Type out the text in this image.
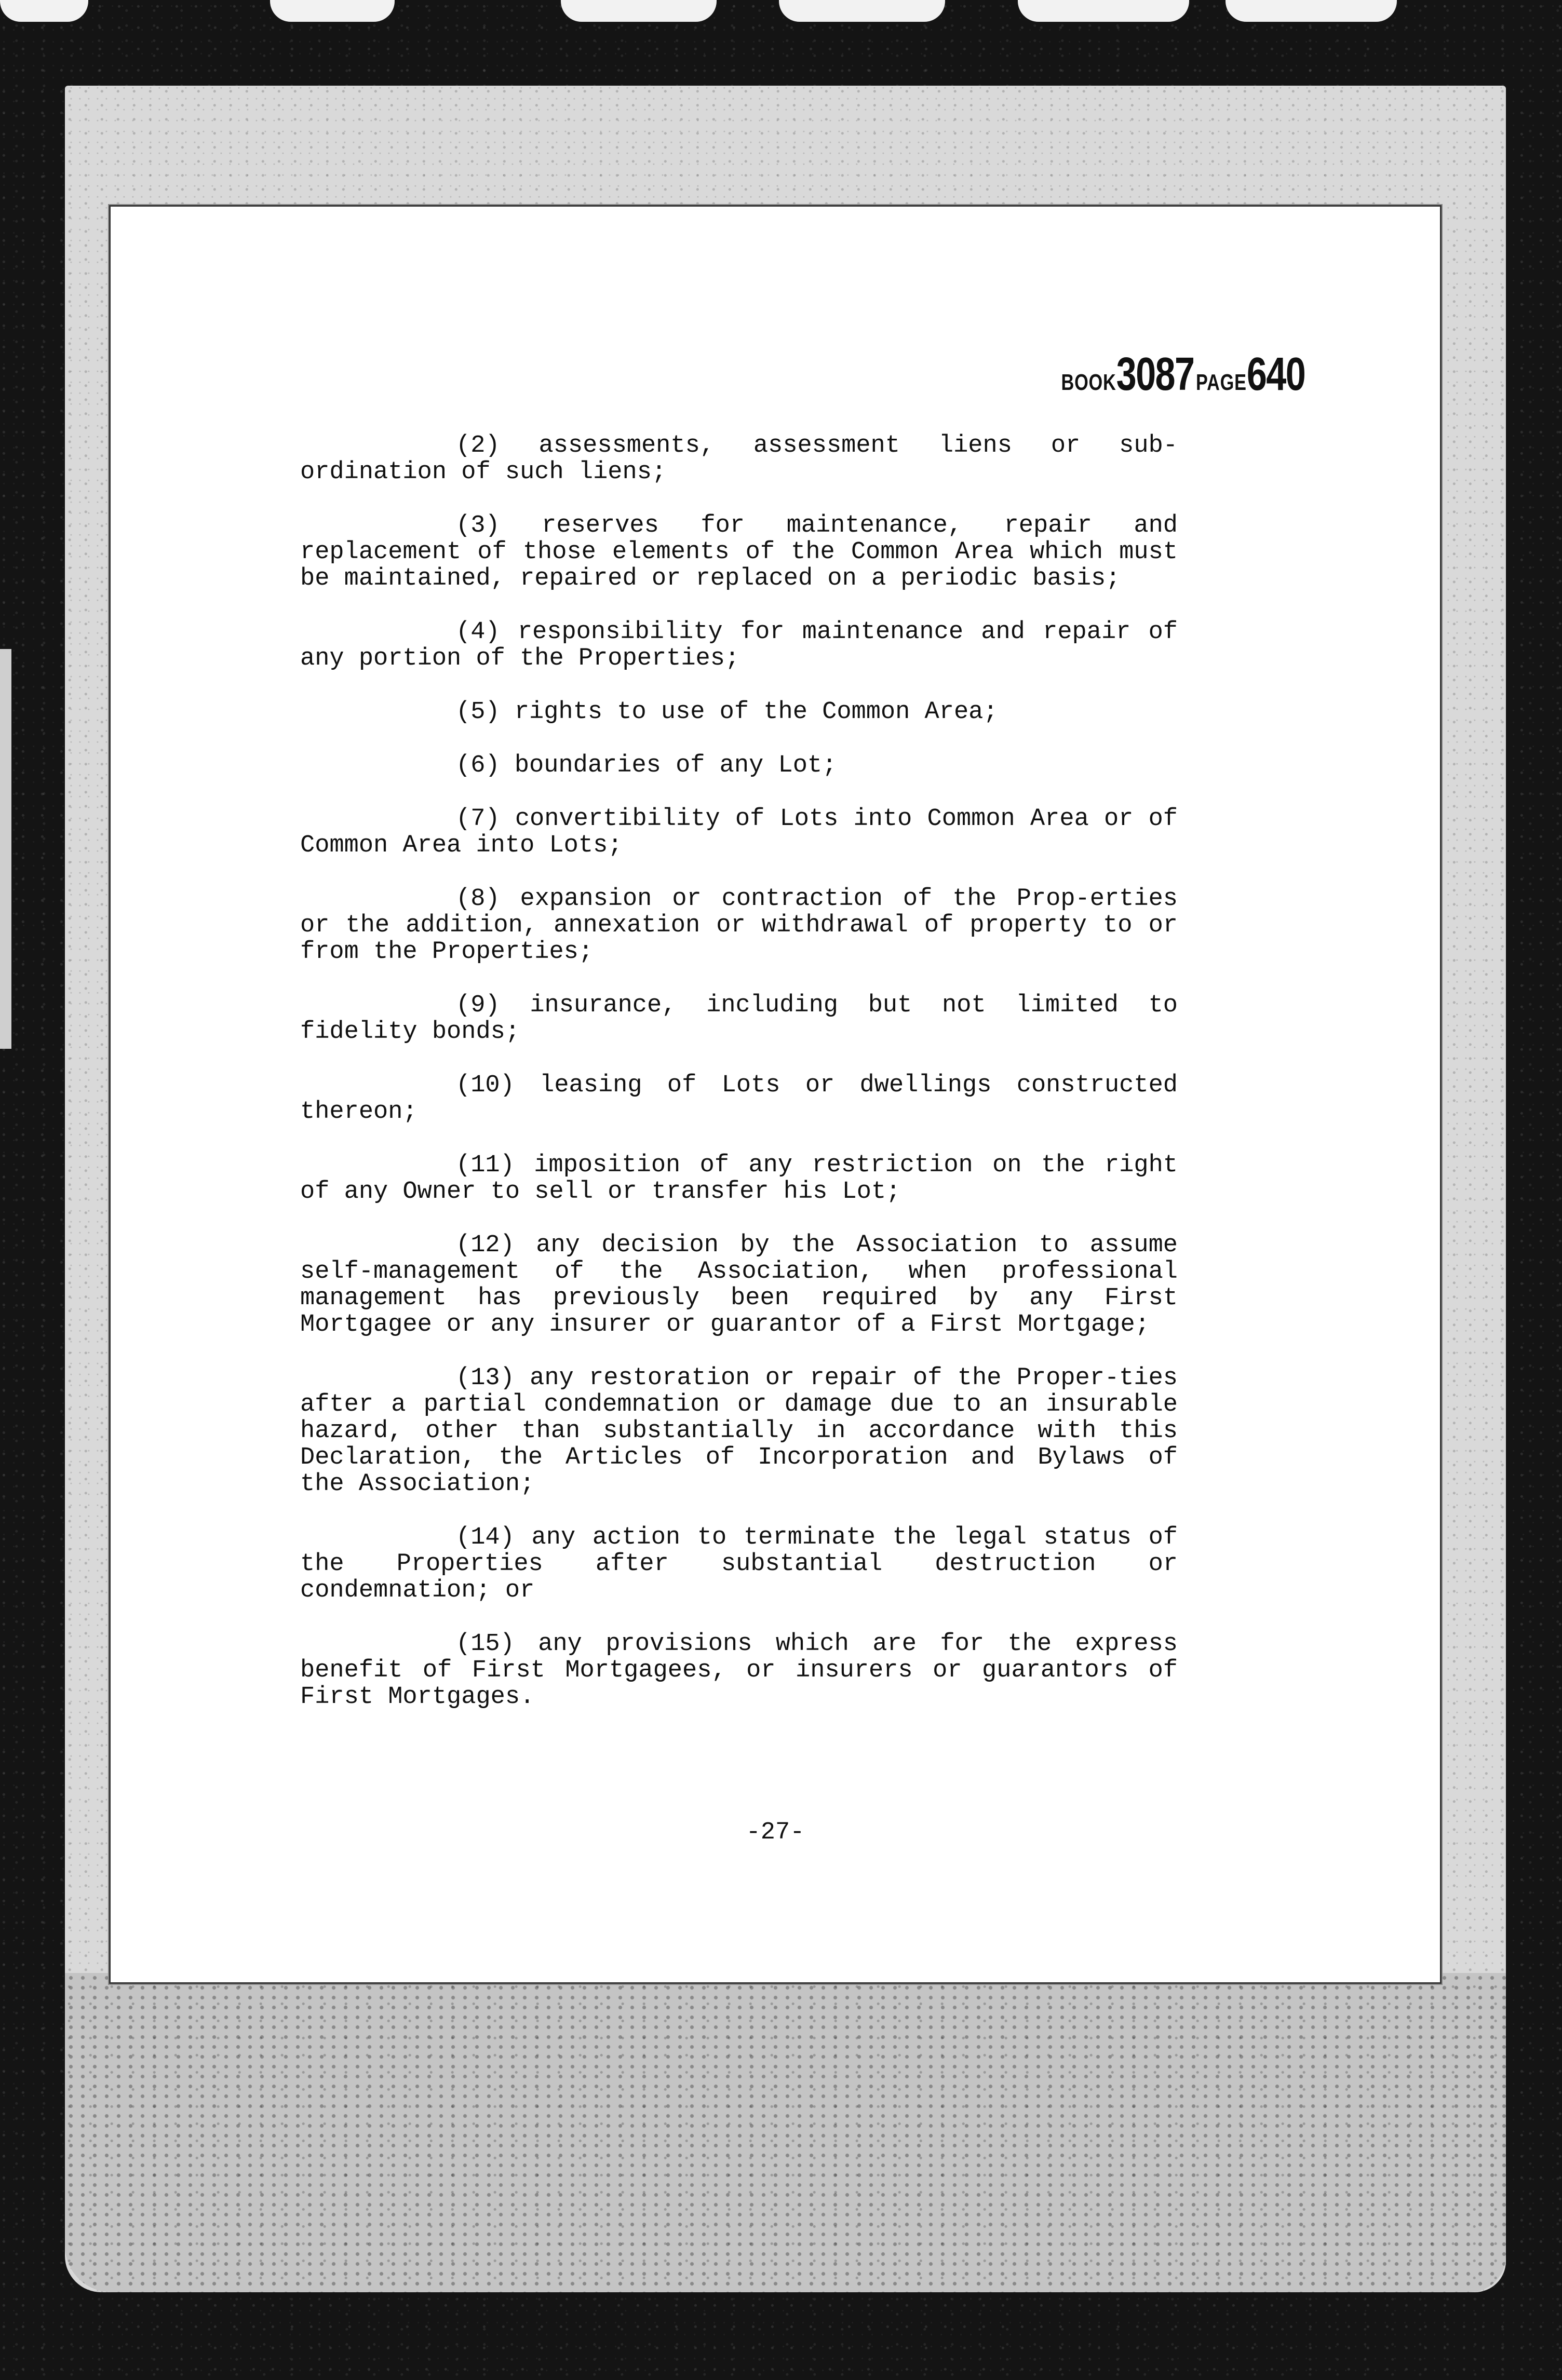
BOOK3087 PAGE640

(2) assessments, assessment liens or sub-ordination of such liens;

(3) reserves for maintenance, repair and replacement of those elements of the Common Area which must be maintained, repaired or replaced on a periodic basis;

(4) responsibility for maintenance and repair of any portion of the Properties;

(5) rights to use of the Common Area;

(6) boundaries of any Lot;

(7) convertibility of Lots into Common Area or of Common Area into Lots;

(8) expansion or contraction of the Prop-erties or the addition, annexation or withdrawal of property to or from the Properties;

(9) insurance, including but not limited to fidelity bonds;

(10) leasing of Lots or dwellings constructed thereon;

(11) imposition of any restriction on the right of any Owner to sell or transfer his Lot;

(12) any decision by the Association to assume self-management of the Association, when professional management has previously been required by any First Mortgagee or any insurer or guarantor of a First Mortgage;

(13) any restoration or repair of the Proper-ties after a partial condemnation or damage due to an insurable hazard, other than substantially in accordance with this Declaration, the Articles of Incorporation and Bylaws of the Association;

(14) any action to terminate the legal status of the Properties after substantial destruction or condemnation; or

(15) any provisions which are for the express benefit of First Mortgagees, or insurers or guarantors of First Mortgages.

-27-
